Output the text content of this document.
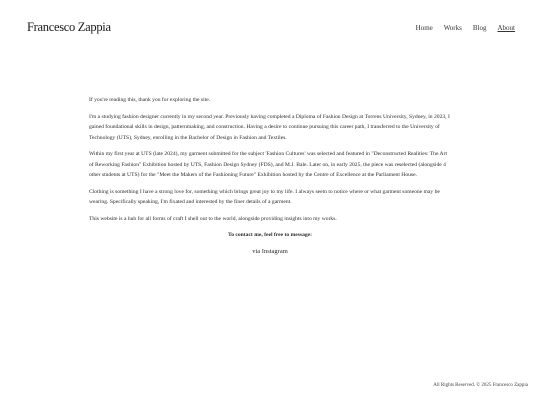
Francesco Zappia	Home Works Blog About

If you're reading this, thank you for exploring the site.

I'm a studying fashion designer currently in my second year. Previously having completed a Diploma of Fashion Design at Torrens University, Sydney, in 2023, I gained foundational skills in design, patternmaking, and construction. Having a desire to continue pursuing this career path, I transferred to the University of Technology (UTS), Sydney, enrolling in the Bachelor of Design in Fashion and Textiles.

Within my first year at UTS (late 2024), my garment submitted for the subject 'Fashion Cultures' was selected and featured in "Deconstructed Realities: The Art of Reworking Fashion" Exhibition hosted by UTS, Fashion Design Sydney (FDS), and M.J. Bale. Later on, in early 2025, the piece was reselected (alongside 4 other students at UTS) for the "Meet the Makers of the Fashioning Future" Exhibition hosted by the Centre of Excellence at the Parliament House.

Clothing is something I have a strong love for, something which brings great joy to my life. I always seem to notice where or what garment someone may be wearing. Specifically speaking, I'm fixated and interested by the finer details of a garment.

This website is a hub for all forms of craft I shell out to the world, alongside providing insights into my works.

To contact me, feel free to message:
via Instagram
All Rights Reserved. © 2025 Francesco Zappia
